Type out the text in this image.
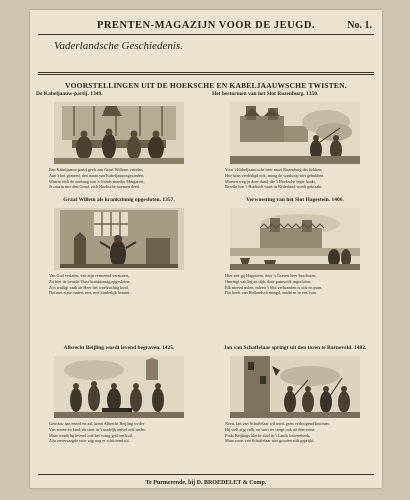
PRENTEN-MAGAZIJN VOOR DE JEUGD.	No. 1.
Vaderlandsche Geschiedenis.
VOORSTELLINGEN UIT DE HOEKSCHE EN KABELJAAUWSCHE TWISTEN.
De Kabeljaauw-partij. 1349.
Een Kabeljaauw-partij geeft aan Graaf Willems vrinden,
Aan 't hof gemeed, den naam van Kabeljaauwsgezinden;
Waarin zich de aanhang van 's Graafs moeder Margareet,
Je omzin met den Graaf, zich Hoeksche noemen deed.
Het bestormen van het Slot Rozenburg. 1350.
Voor 't Kabeljaauwsche heer moet Rozenburg des hekken;
Hoe kran verdedigd ook, moog de wanhoop niet gebukken.
Moeten weg ja door daad, die 't Hoeksche leger haakt,
Bereikt hoe 't Hoeksch vaart in Nederland wordt gekraakt.
Graaf Willem als krankzinnig opgesloten. 1357.
Van God verlaten, van zijn vermeend verstoten,
Zit hier de treurde Vorst krankzinnig opgesloten;
Zoo waltigt vaak de Heer het woelzuchtig kind,
Dat met zijne ouders eert, met kinderlijk bemint.
Verwoesting van het Slot Hagestein. 1406.
Hier ziet gij Hagestein, door 's Graven heer beschoten,
Omringt van leg en dijk, door puinwerk ingesloten;
Elk moeed nolen, mleen 't Slot verbranden is ook en puin,
Dat heeft van Hollandsch maagd, ontdeien in ons' tuin.
Albrecht Beijling wordt levend begraven. 1425.
Getrouw aan eened en aal, komt Albrecht Beijling weder
Van zonne en kind, en stort in 't aardrijk ontsef ook neder;
Maar wordt bij levend ook het vonig graf ten kuil,
Zijn onversaagde voor zijg nog er schittrend uit.
Jan van Schaffelaar springt uit den toren te Barneveld. 1482.
Neen, Jan van Schaffelaar wil nooit geen verbrogend kroonen;
Hij stelt zijg volk, en stort ter sterpt ook uit den toren;
Frakt Beijlings klerke ziad in 't Lands lotterrebeek,
Maar zoort van Schaffelaar niet grooten stift geprijkt.
Te Purmerende, bij D. BROEDELET & Comp.
